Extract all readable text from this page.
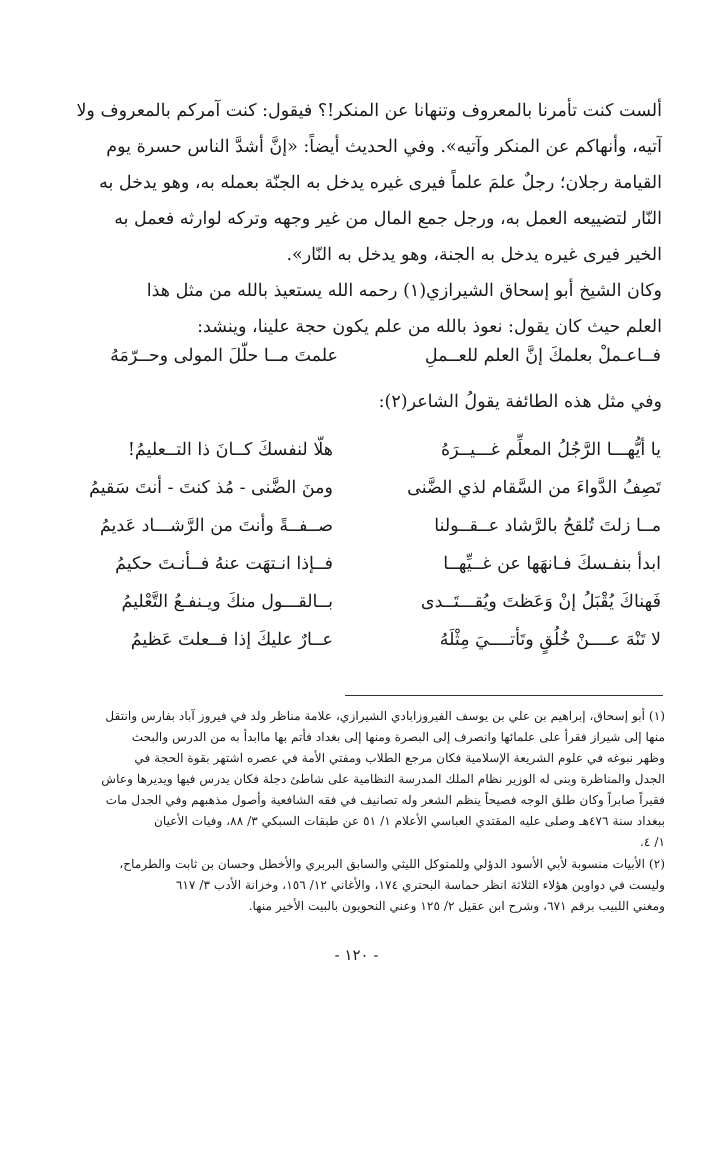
ألست كنت تأمرنا بالمعروف وتنهانا عن المنكر!؟ فيقول: كنت آمركم بالمعروف ولا
آتيه، وأنهاكم عن المنكر وآتيه». وفي الحديث أيضاً: «إنَّ أشدَّ الناس حسرة يوم
القيامة رجلان؛ رجلٌ علمَ علماً فيرى غيره يدخل به الجنّة بعمله به، وهو يدخل به
النّار لتضييعه العمل به، ورجل جمع المال من غير وجهه وتركه لوارثه فعمل به
الخير فيرى غيره يدخل به الجنة، وهو يدخل به النّار».
وكان الشيخ أبو إسحاق الشيرازي(١) رحمه الله يستعيذ بالله من مثل هذا
العلم حيث كان يقول: نعوذ بالله من علم يكون حجة علينا، وينشد:
علمتَ مــا حلّلَ المولى وحــرّمَهُ	فــاعـملْ بعلمكَ إنَّ العلم للعــملِ
وفي مثل هذه الطائفة يقولُ الشاعر(٢):
يا أيُّهـــا الرَّجُلُ المعلِّم غـــيــرَهُ
هلّا لنفسكَ كــانَ ذا التــعليمُ!
تَصِفُ الدَّواءَ من السَّقام لذي الضَّنى
ومنَ الضَّنى - مُذ كنتَ - أنتَ سَقيمُ
مــا زلتَ تُلقحُ بالرَّشاد عــقــولنا
صــفــةً وأنتَ من الرَّشـــاد عَديمُ
ابدأ بنفـسكَ فـانهَها عن غــيِّهــا
فــإذا انـتهَت عنهُ فــأنـتَ حكيمُ
فَهناكَ يُقْبَلُ إنْ وَعَظتَ ويُقـــتَــدى
بــالقـــول منكَ ويـنفـعُ التَّعْليمُ
لا تَنْهَ عــــنْ خُلُقٍ وتَأتــــيَ مِثْلَهُ
عــارٌ عليكَ إذا فــعلتَ عَظيمُ
(١) أبو إسحاق، إبراهيم بن علي بن يوسف الفيروزابادي الشيرازي، علامة مناظر ولد في فيروز آباد بفارس وانتقل
منها إلى شيراز فقرأ على علمائها وانصرف إلى البصرة ومنها إلى بغداد فأتم بها ماابدأ به من الدرس والبحث
وظهر نبوغه في علوم الشريعة الإسلامية فكان مرجع الطلاب ومفتي الأمة في عصره اشتهر بقوة الحجة في
الجدل والمناظرة وبنى له الوزير نظام الملك المدرسة النظامية على شاطئ دجلة فكان يدرس فيها ويديرها وعاش
فقيراً صابراً وكان طلق الوجه فصيحاً ينظم الشعر وله تصانيف في فقه الشافعية وأصول مذهبهم وفي الجدل مات
ببغداد سنة ٤٧٦هـ وصلى عليه المقتدي العباسي الأعلام ١/ ٥١ عن طبقات السبكي ٣/ ٨٨، وفيات الأعيان
١/ ٤.
(٢) الأبيات منسوبة لأبي الأسود الدؤلي وللمتوكل الليثي والسابق البربري والأخطل وحسان بن ثابت والطرماح،
وليست في دواوين هؤلاء الثلاثة انظر حماسة البحتري ١٧٤، والأغاني ١٢/ ١٥٦، وخزانة الأدب ٣/ ٦١٧
ومغني اللبيب برقم ٦٧١، وشرح ابن عقيل ٢/ ١٢٥ وعني النحويون بالبيت الأخير منها.
- ١٢٠ -
